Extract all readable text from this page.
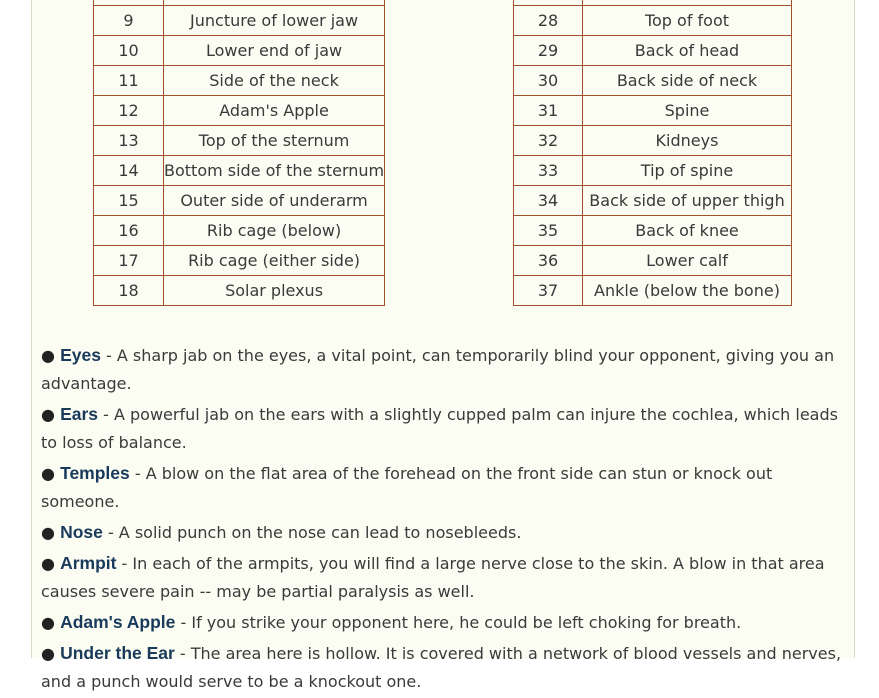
9	Juncture of lower jaw
10	Lower end of jaw
11	Side of the neck
12	Adam's Apple
13	Top of the sternum
14	Bottom side of the sternum
15	Outer side of underarm
16	Rib cage (below)
17	Rib cage (either side)
18	Solar plexus

28	Top of foot
29	Back of head
30	Back side of neck
31	Spine
32	Kidneys
33	Tip of spine
34	Back side of upper thigh
35	Back of knee
36	Lower calf
37	Ankle (below the bone)

● Eyes - A sharp jab on the eyes, a vital point, can temporarily blind your opponent, giving you an advantage.

● Ears - A powerful jab on the ears with a slightly cupped palm can injure the cochlea, which leads to loss of balance.

● Temples - A blow on the flat area of the forehead on the front side can stun or knock out someone.

● Nose - A solid punch on the nose can lead to nosebleeds.

● Armpit - In each of the armpits, you will find a large nerve close to the skin. A blow in that area causes severe pain -- may be partial paralysis as well.

● Adam's Apple - If you strike your opponent here, he could be left choking for breath.

● Under the Ear - The area here is hollow. It is covered with a network of blood vessels and nerves, and a punch would serve to be a knockout one.
